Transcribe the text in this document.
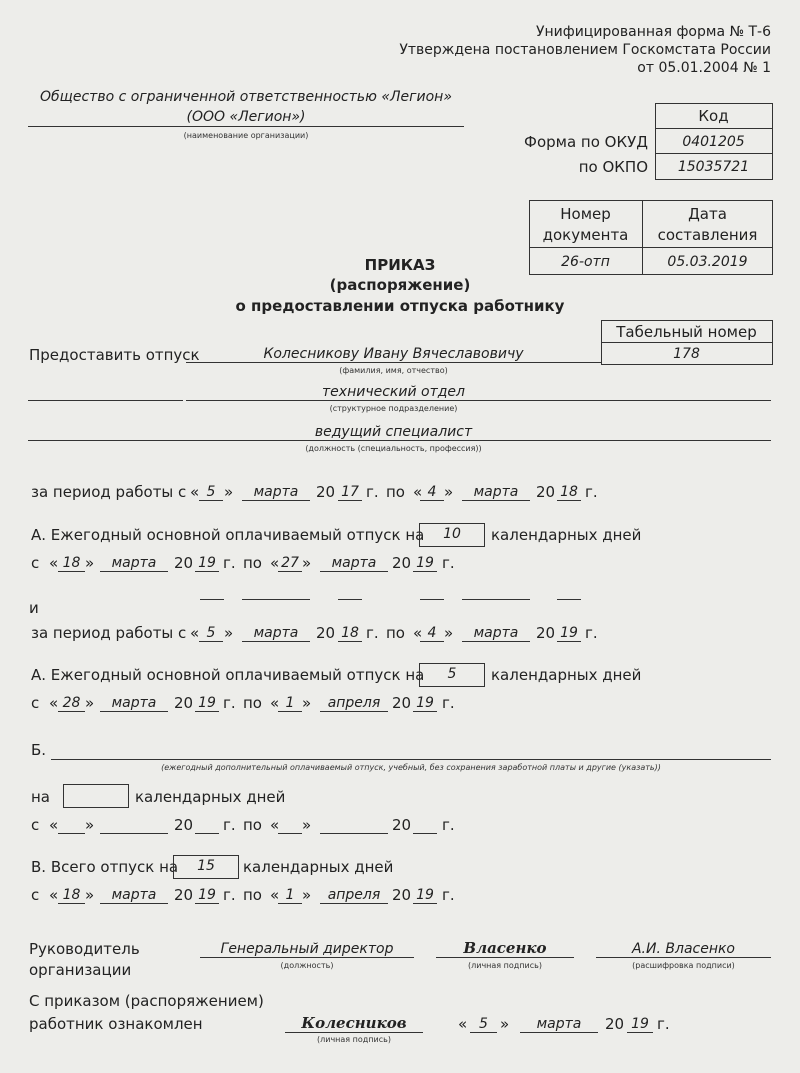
Унифицированная форма № Т-6
Утверждена постановлением Госкомстата России
от 05.01.2004 № 1
Общество с ограниченной ответственностью «Легион»
(ООО «Легион»)
(наименование организации)
Код
Форма по ОКУД	0401205
по ОКПО	15035721
Номер
документа
Дата
составления
26-отп	05.03.2019
ПРИКАЗ
(распоряжение)
о предоставлении отпуска работнику
Табельный номер
178
Предоставить отпуск	Колесникову Ивану Вячеславовичу
(фамилия, имя, отчество)
технический отдел
(структурное подразделение)
ведущий специалист
(должность (специальность, профессия))
за период работы с « 5 »	марта	20 17 г. по « 4 »	марта	20 18 г.
А. Ежегодный основной оплачиваемый отпуск на	10	календарных дней
с « 18 »	марта	20 19 г. по « 27 »	марта	20 19 г.
и
за период работы с « 5 »	марта	20 18 г. по « 4 »	марта	20 19 г.
А. Ежегодный основной оплачиваемый отпуск на	5	календарных дней
с « 28 »	марта	20 19 г. по « 1 »	апреля 20 19 г.
Б.
(ежегодный дополнительный оплачиваемый отпуск, учебный, без сохранения заработной платы и другие (указать))
на	календарных дней
с « »	20 г. по « »	20 г.
В. Всего отпуск на	15	календарных дней
с « 18 »	марта	20 19 г. по « 1 »	апреля 20 19 г.
Руководитель
организации
Генеральный директор
(должность)
Власенко
(личная подпись)
А.И. Власенко
(расшифровка подписи)
С приказом (распоряжением)
работник ознакомлен	Колесников
(личная подпись)
« 5 »	марта	20 19 г.
